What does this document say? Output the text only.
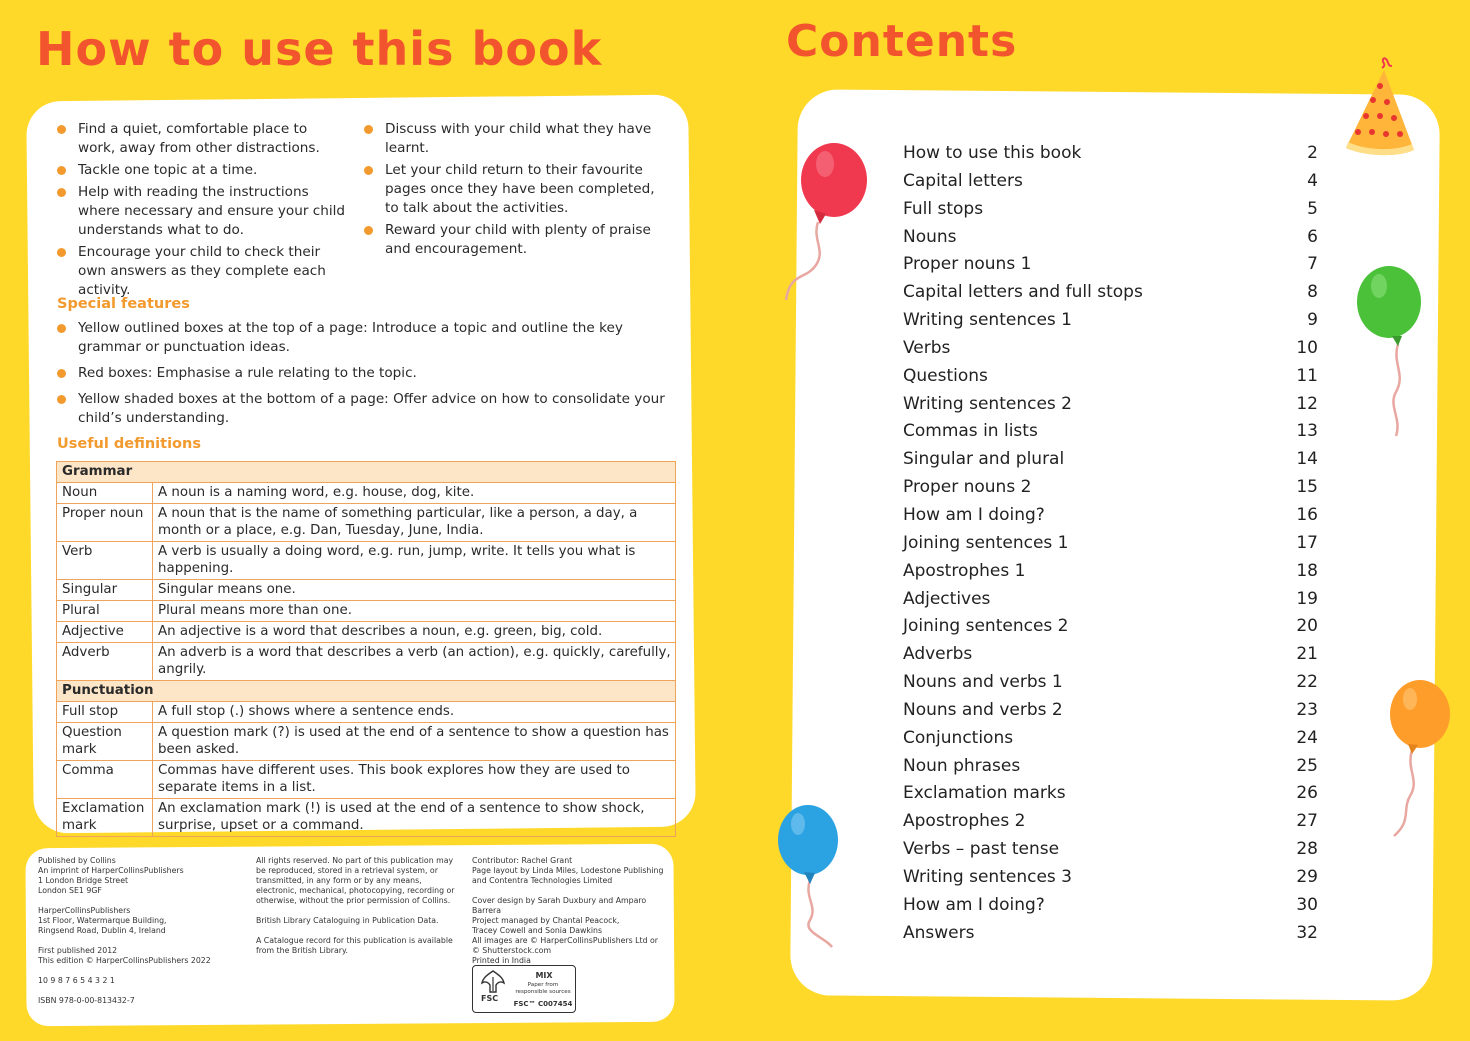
How to use this book	Contents
Find a quiet, comfortable place to work, away from other distractions.
Tackle one topic at a time.
Help with reading the instructions where necessary and ensure your child understands what to do.
Encourage your child to check their own answers as they complete each activity.
Discuss with your child what they have learnt.
Let your child return to their favourite pages once they have been completed, to talk about the activities.
Reward your child with plenty of praise and encouragement.
Special features
Yellow outlined boxes at the top of a page: Introduce a topic and outline the key grammar or punctuation ideas.
Red boxes: Emphasise a rule relating to the topic.
Yellow shaded boxes at the bottom of a page: Offer advice on how to consolidate your child’s understanding.
Useful definitions
Grammar	
Noun	A noun is a naming word, e.g. house, dog, kite.
Proper noun	A noun that is the name of something particular, like a person, a day, a month or a place, e.g. Dan, Tuesday, June, India.
Verb	A verb is usually a doing word, e.g. run, jump, write. It tells you what is happening.
Singular	Singular means one.
Plural	Plural means more than one.
Adjective	An adjective is a word that describes a noun, e.g. green, big, cold.
Adverb	An adverb is a word that describes a verb (an action), e.g. quickly, carefully, angrily.
Punctuation	
Full stop	A full stop (.) shows where a sentence ends.
Question mark	A question mark (?) is used at the end of a sentence to show a question has been asked.
Comma	Commas have different uses. This book explores how they are used to separate items in a list.
Exclamation mark	An exclamation mark (!) is used at the end of a sentence to show shock, surprise, upset or a command.

Published by Collins

An imprint of HarperCollinsPublishers

1 London Bridge Street

London SE1 9GF

HarperCollinsPublishers

1st Floor, Watermarque Building,

Ringsend Road, Dublin 4, Ireland

First published 2012

This edition © HarperCollinsPublishers 2022

10 9 8 7 6 5 4 3 2 1

ISBN 978-0-00-813432-7

All rights reserved. No part of this publication may be reproduced, stored in a retrieval system, or transmitted, in any form or by any means, electronic, mechanical, photocopying, recording or otherwise, without the prior permission of Collins.

British Library Cataloguing in Publication Data.

A Catalogue record for this publication is available from the British Library.

Contributor: Rachel Grant

Page layout by Linda Miles, Lodestone Publishing and Contentra Technologies Limited

Cover design by Sarah Duxbury and Amparo Barrera

Project managed by Chantal Peacock,

Tracey Cowell and Sonia Dawkins

All images are © HarperCollinsPublishers Ltd or

© Shutterstock.com

Printed in India

FSC
MIX
Paper from responsible sources
FSC™ C007454
How to use this book	2
Capital letters	4
Full stops	5
Nouns	6
Proper nouns 1	7
Capital letters and full stops	8
Writing sentences 1	9
Verbs	10
Questions	11
Writing sentences 2	12
Commas in lists	13
Singular and plural	14
Proper nouns 2	15
How am I doing?	16
Joining sentences 1	17
Apostrophes 1	18
Adjectives	19
Joining sentences 2	20
Adverbs	21
Nouns and verbs 1	22
Nouns and verbs 2	23
Conjunctions	24
Noun phrases	25
Exclamation marks	26
Apostrophes 2	27
Verbs – past tense	28
Writing sentences 3	29
How am I doing?	30
Answers	32
